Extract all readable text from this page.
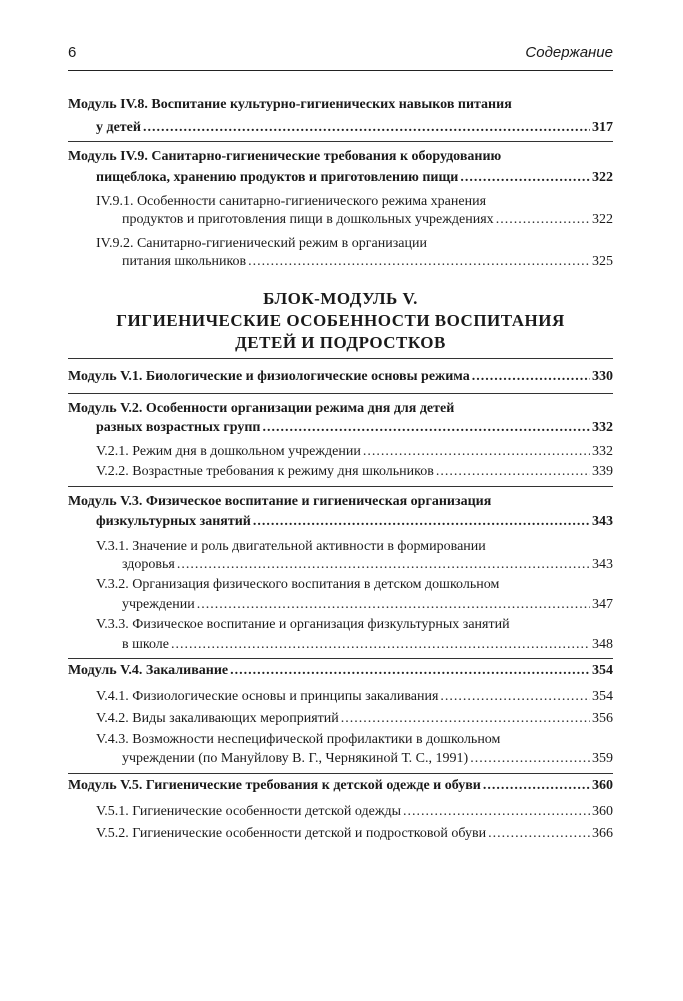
6	Содержание
Модуль IV.8. Воспитание культурно-гигиенических навыков питания
у детей .....	317
Модуль IV.9. Санитарно-гигиенические требования к оборудованию
пищеблока, хранению продуктов и приготовлению пищи .....	322
IV.9.1. Особенности санитарно-гигиенического режима хранения
продуктов и приготовления пищи в дошкольных учреждениях .....	322
IV.9.2. Санитарно-гигиенический режим в организации
питания школьников .....	325
БЛОК-МОДУЛЬ V.
ГИГИЕНИЧЕСКИЕ ОСОБЕННОСТИ ВОСПИТАНИЯ
ДЕТЕЙ И ПОДРОСТКОВ
Модуль V.1. Биологические и физиологические основы режима .....	330
Модуль V.2. Особенности организации режима дня для детей
разных возрастных групп .....	332
V.2.1. Режим дня в дошкольном учреждении .....	332
V.2.2. Возрастные требования к режиму дня школьников .....	339
Модуль V.3. Физическое воспитание и гигиеническая организация
физкультурных занятий .....	343
V.3.1. Значение и роль двигательной активности в формировании
здоровья .....	343
V.3.2. Организация физического воспитания в детском дошкольном
учреждении .....	347
V.3.3. Физическое воспитание и организация физкультурных занятий
в школе .....	348
Модуль V.4. Закаливание .....	354
V.4.1. Физиологические основы и принципы закаливания .....	354
V.4.2. Виды закаливающих мероприятий .....	356
V.4.3. Возможности неспецифической профилактики в дошкольном
учреждении (по Мануйлову В. Г., Чернякиной Т. С., 1991) .....	359
Модуль V.5. Гигиенические требования к детской одежде и обуви .....	360
V.5.1. Гигиенические особенности детской одежды .....	360
V.5.2. Гигиенические особенности детской и подростковой обуви .....	366
